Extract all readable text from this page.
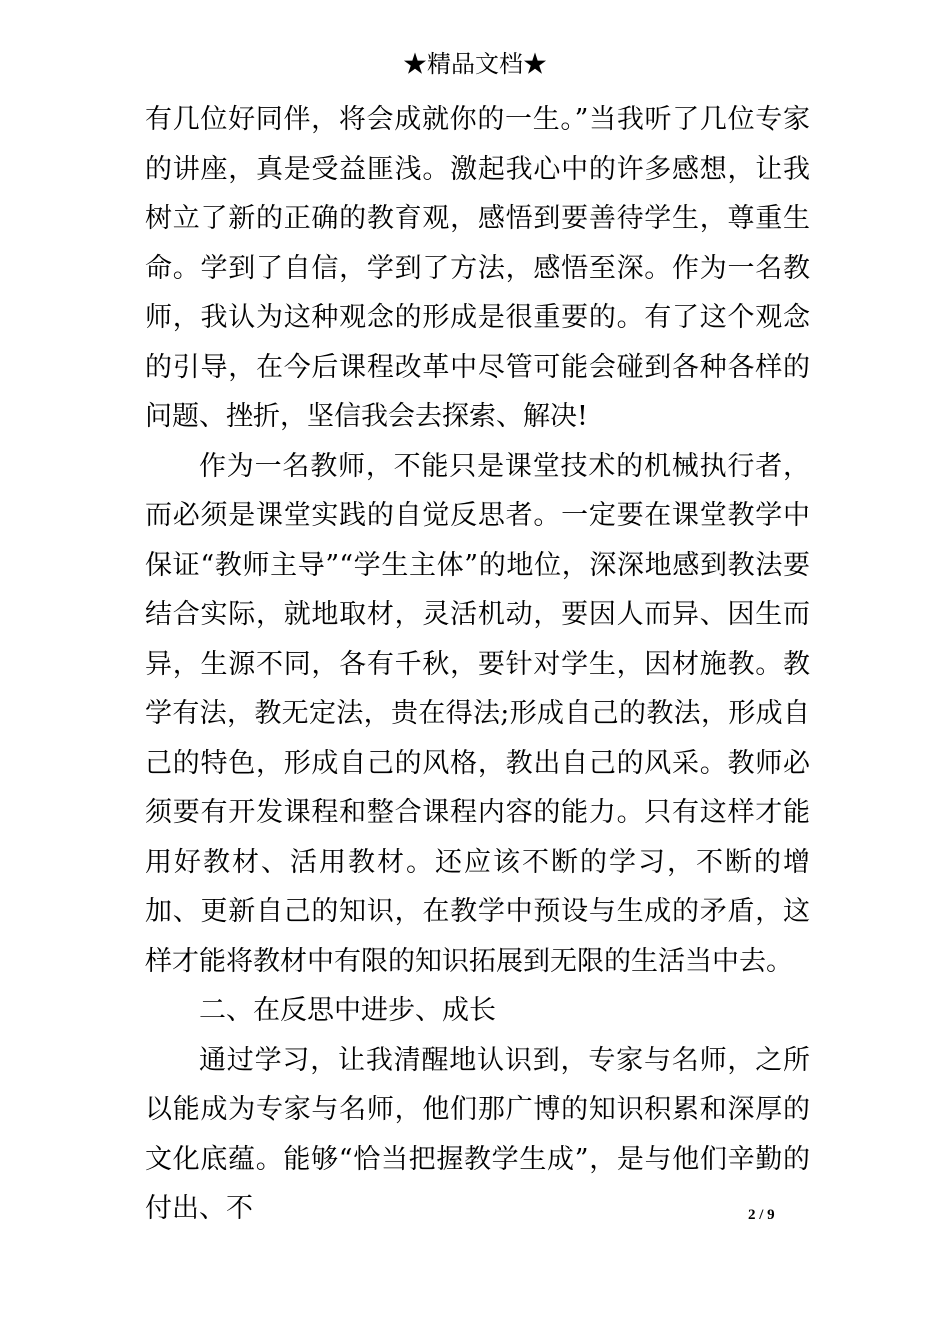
★精品文档★

有几位好同伴，将会成就你的一生。”当我听了几位专家的讲座，真是受益匪浅。激起我心中的许多感想，让我树立了新的正确的教育观，感悟到要善待学生，尊重生命。学到了自信，学到了方法，感悟至深。作为一名教师，我认为这种观念的形成是很重要的。有了这个观念的引导，在今后课程改革中尽管可能会碰到各种各样的问题、挫折，坚信我会去探索、解决!

作为一名教师，不能只是课堂技术的机械执行者，而必须是课堂实践的自觉反思者。一定要在课堂教学中保证“教师主导”“学生主体”的地位，深深地感到教法要结合实际，就地取材，灵活机动，要因人而异、因生而异，生源不同，各有千秋，要针对学生，因材施教。教学有法，教无定法，贵在得法;形成自己的教法，形成自己的特色，形成自己的风格，教出自己的风采。教师必须要有开发课程和整合课程内容的能力。只有这样才能用好教材、活用教材。还应该不断的学习，不断的增加、更新自己的知识，在教学中预设与生成的矛盾，这样才能将教材中有限的知识拓展到无限的生活当中去。

二、在反思中进步、成长

通过学习，让我清醒地认识到，专家与名师，之所以能成为专家与名师，他们那广博的知识积累和深厚的文化底蕴。能够“恰当把握教学生成”，是与他们辛勤的付出、不	2 / 9
